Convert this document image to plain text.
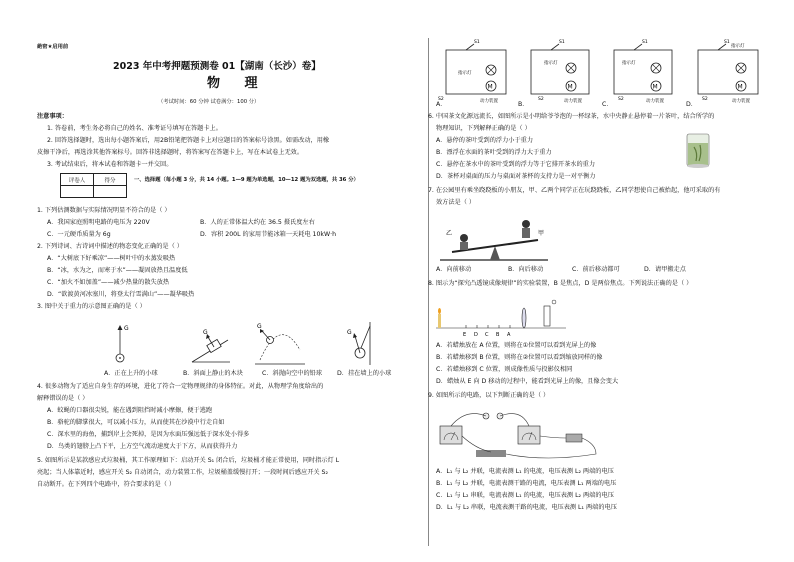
絶密★启用前
2023 年中考押题预测卷 01【湖南（长沙）卷】
物 理
（考试时间：60 分钟 试卷满分：100 分）
注意事项：
1. 答卷前，考生务必将自己的姓名、准考证号填写在答题卡上。
2. 回答选择题时，选出每小题答案后，用2B铅笔把答题卡上对应题目的答案标号涂黑。如需改动，用橡
皮擦干净后，再选涂其他答案标号。回答非选择题时，将答案写在答题卡上，写在本试卷上无效。
3. 考试结束后，将本试卷和答题卡一并交回。
评卷人	得分
		一、选择题（每小题 3 分，共 14 小题。1—9 题为单选题，10—12 题为双选题，共 36 分）
1. 下列估测数据与实际情况明显不符合的是（ ）
A．我国家庭照明电路的电压为 220V	B．人的正常体温大约在 36.5 摄氏度左右
C．一元硬币质量为 6g	D．容积 200L 的家用节能冰箱一天耗电 10kW·h
2. 下列诗词、古诗词中描述的物态变化正确的是（ ）
A．“大树底下好乘凉”——树叶中的水蒸发吸热
B．“冰，水为之，而寒于水”——凝固放热且温度低
C．“加火不如加盖”——减少热量的散失放热
D．“欲渡黄河冰塞川，将登太行雪满山”——凝华吸热
3. 图中关于重力的示意图正确的是（ ）
G
G
G
G
A．正在上升的小球	B．斜面上静止的木块	C．斜抛向空中的铅球 D．挂在墙上的小球
4. 很多动物为了适应自身生存的环境，进化了符合一定物理规律的身体特征。对此，从物理学角度给出的
解释错误的是（ ）
A．蚊蝇的口器很尖锐，能在遇到阻挡时减小摩擦，便于逃跑
B．骆驼的脚掌很大，可以减小压力，从而使其在沙漠中行走自如
C．深水里的海鱼，捕到岸上会死掉，是因为水面压强远低于深水处小得多
D．鸟类的翅膀上凸下平，上方空气流动速度大于下方，从而获得升力
5. 如图所示是某款感应式垃圾桶，其工作原理如下：启动开关 S₁ 闭合后，垃圾桶才能正常使用，同时指示灯 L
亮起；当人体靠近时，感应开关 S₂ 自动闭合，动力装置工作，垃圾桶盖缓慢打开；一段时间后感应开关 S₂
自动断开。在下列四个电路中，符合要求的是（ ）
M
S1
指示灯
动力装置
S2
M
S1
指示灯
动力装置
S2
M
S1
指示灯
动力装置
S2
M
S1
指示灯
动力装置
S2
A．	B．	C．	D．
6. 中国茶文化源远流长，如图所示是小明给爷爷泡的一杯绿茶，水中央静止悬停着一片茶叶，结合所学的
物理知识，下列解释正确的是（ ）
A．悬停的茶叶受到的浮力小于重力
B．漂浮在水面的茶叶受到的浮力大于重力
C．悬停在茶水中的茶叶受到的浮力等于它排开茶水的重力
D．茶杯对桌面的压力与桌面对茶杯的支持力是一对平衡力
7. 在公园里有乘坐跷跷板的小朋友，甲、乙两个同学正在玩跷跷板，乙同学想使自己被抬起，他可采取的有
效方法是（ ）
乙	甲
A．向前移动	B．向后移动	C．前后移动都可	D．请甲搬走点
8. 图示为“探究凸透镜成像规律”的实验装置，B 是焦点，D 是两倍焦点。下列说法正确的是（ ）
E D C B A
A．若蜡烛放在 A 位置，则将在①位置可以看到光屏上的像
B．若蜡烛移到 B 位置，则将在②位置可以看到缩放同样的像
C．若蜡烛移到 C 位置，则成像性质与投影仪相同
D．蜡烛从 E 向 D 移动的过程中，能看到光屏上的像，且像会变大
9. 如图所示的电路，以下判断正确的是（ ）
A．L₁ 与 L₂ 并联，电流表测 L₁ 的电流，电压表测 L₂ 两端的电压
B．L₁ 与 L₂ 并联，电流表测干路的电流，电压表测 L₁ 两端的电压
C．L₁ 与 L₂ 串联，电流表测 L₁ 的电流，电压表测 L₂ 两端的电压
D．L₁ 与 L₂ 串联，电流表测干路的电流，电压表测 L₁ 两端的电压
